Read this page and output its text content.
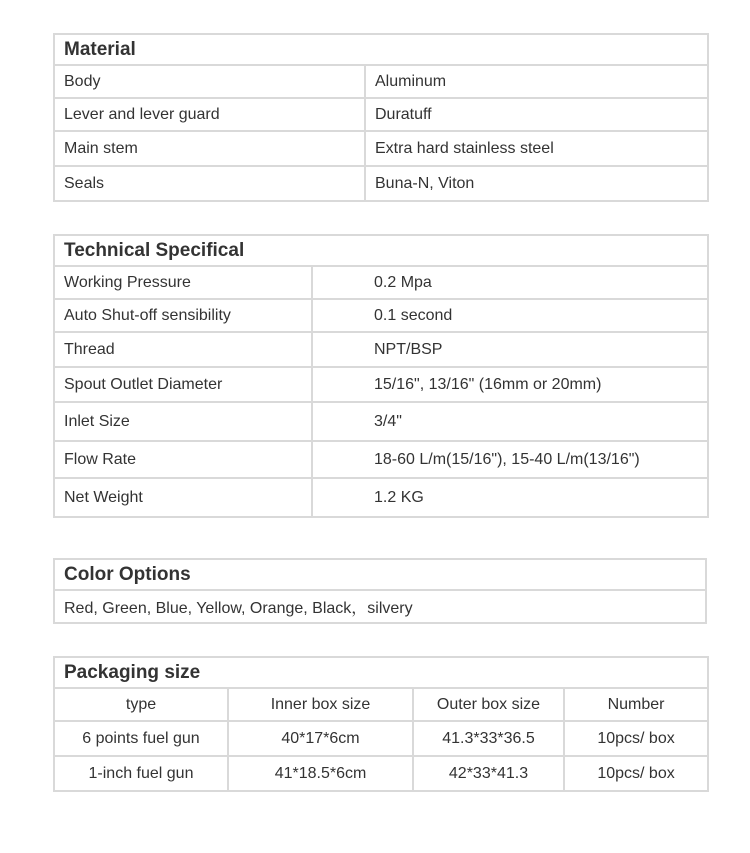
Material	
Body	Aluminum
Lever and lever guard	Duratuff
Main stem	Extra hard stainless steel
Seals	Buna-N, Viton
Technical Specifical	
Working Pressure	0.2 Mpa
Auto Shut-off sensibility	0.1 second
Thread	NPT/BSP
Spout Outlet Diameter	15/16", 13/16" (16mm or 20mm)
Inlet Size	3/4"
Flow Rate	18-60 L/m(15/16"), 15-40 L/m(13/16")
Net Weight	1.2 KG
Color Options
Red, Green, Blue, Yellow, Orange, Black，silvery
Packaging size			
type	Inner box size	Outer box size	Number
6 points fuel gun	40*17*6cm	41.3*33*36.5	10pcs/ box
1-inch fuel gun	41*18.5*6cm	42*33*41.3	10pcs/ box
